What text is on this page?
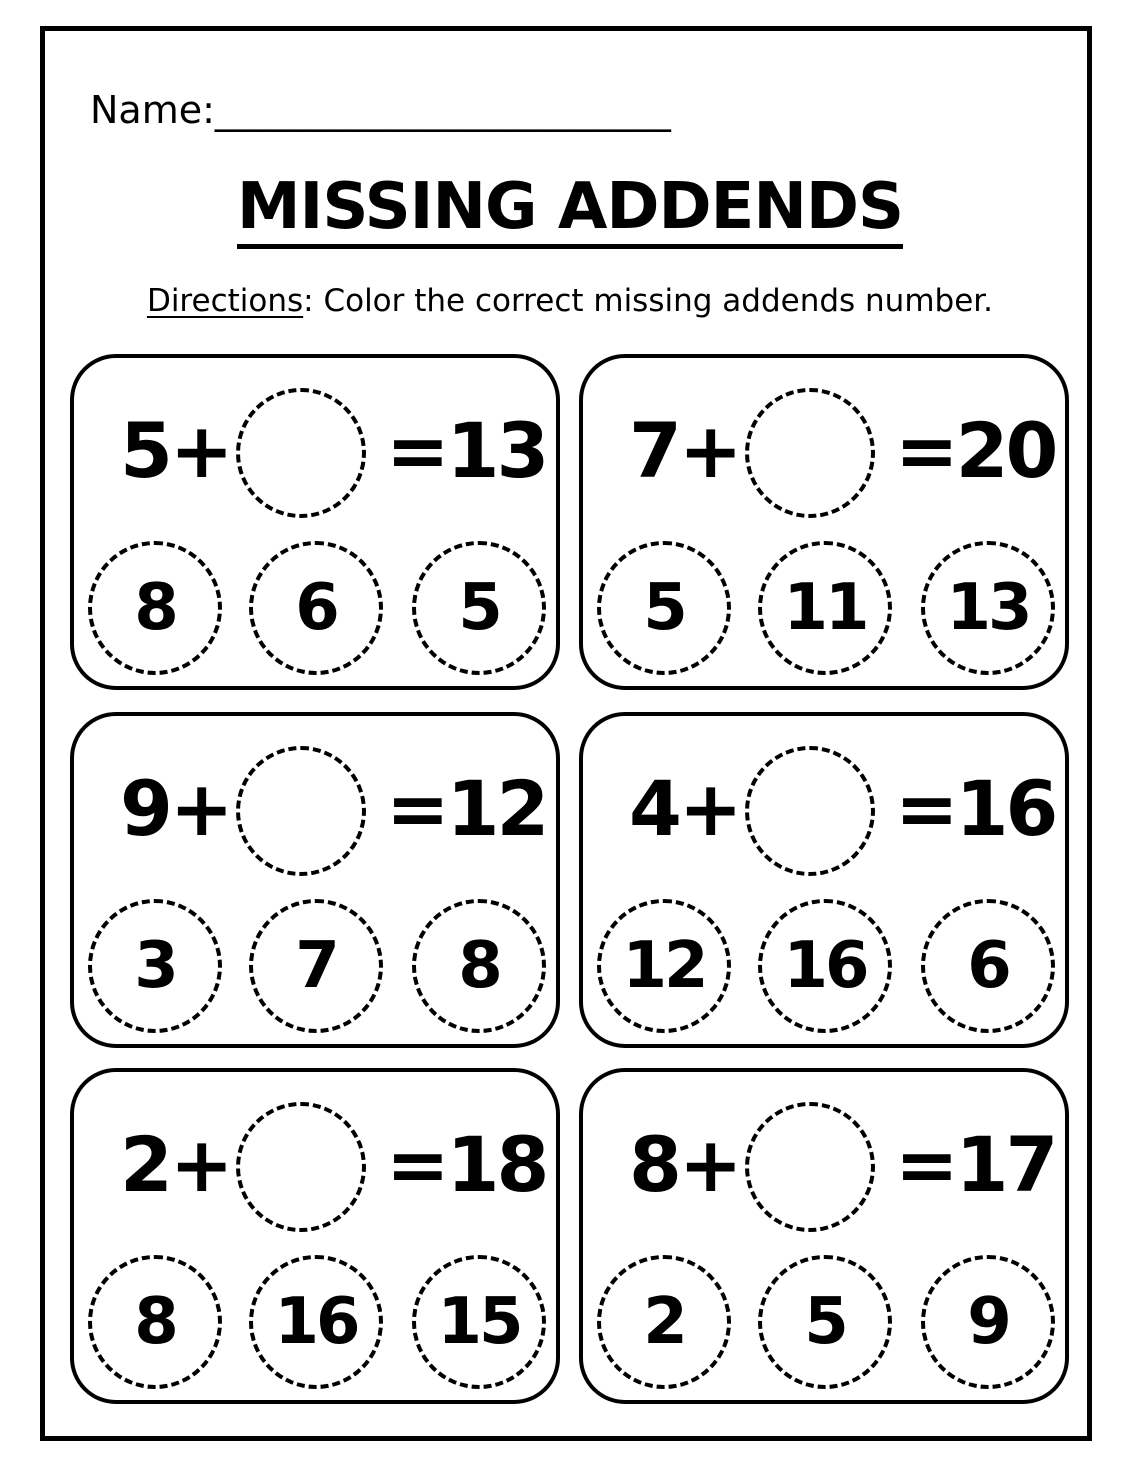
Name:________________________
MISSING ADDENDS
Directions: Color the correct missing addends number.
5+ =13
8	6	5
7+ =20
5	11	13
9+ =12
3	7	8
4+ =16
12	16	6
2+ =18
8	16	15
8+ =17
2	5	9
